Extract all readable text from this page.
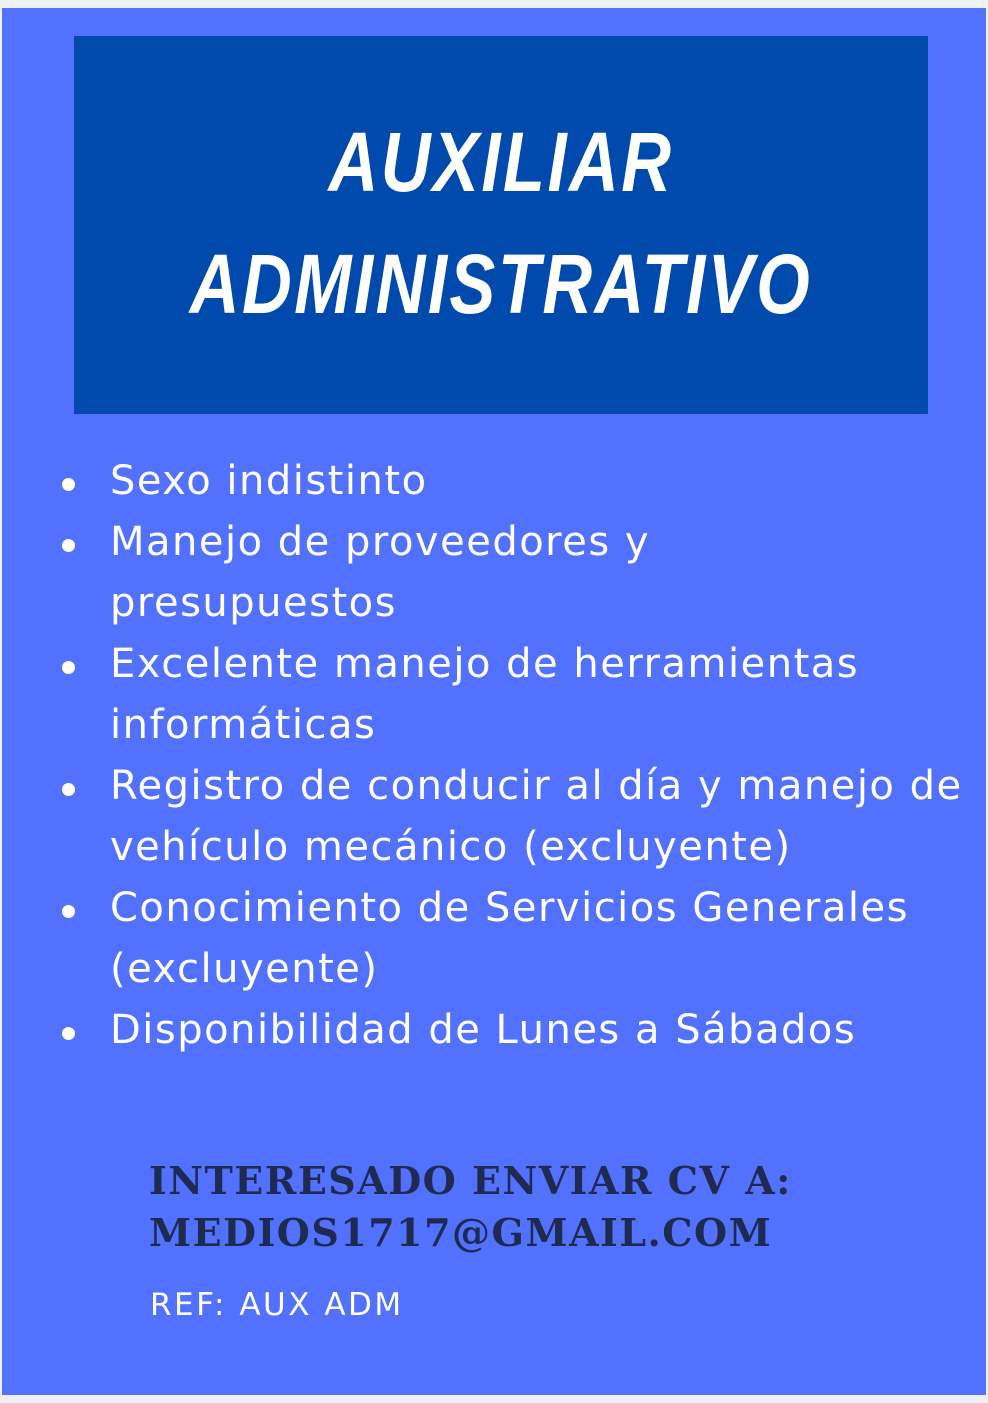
AUXILIAR
ADMINISTRATIVO
Sexo indistinto
Manejo de proveedores y presupuestos
Excelente manejo de herramientas informáticas
Registro de conducir al día y manejo de vehículo mecánico (excluyente)
Conocimiento de Servicios Generales (excluyente)
Disponibilidad de Lunes a Sábados
INTERESADO ENVIAR CV A:
MEDIOS1717@GMAIL.COM
REF: AUX ADM
